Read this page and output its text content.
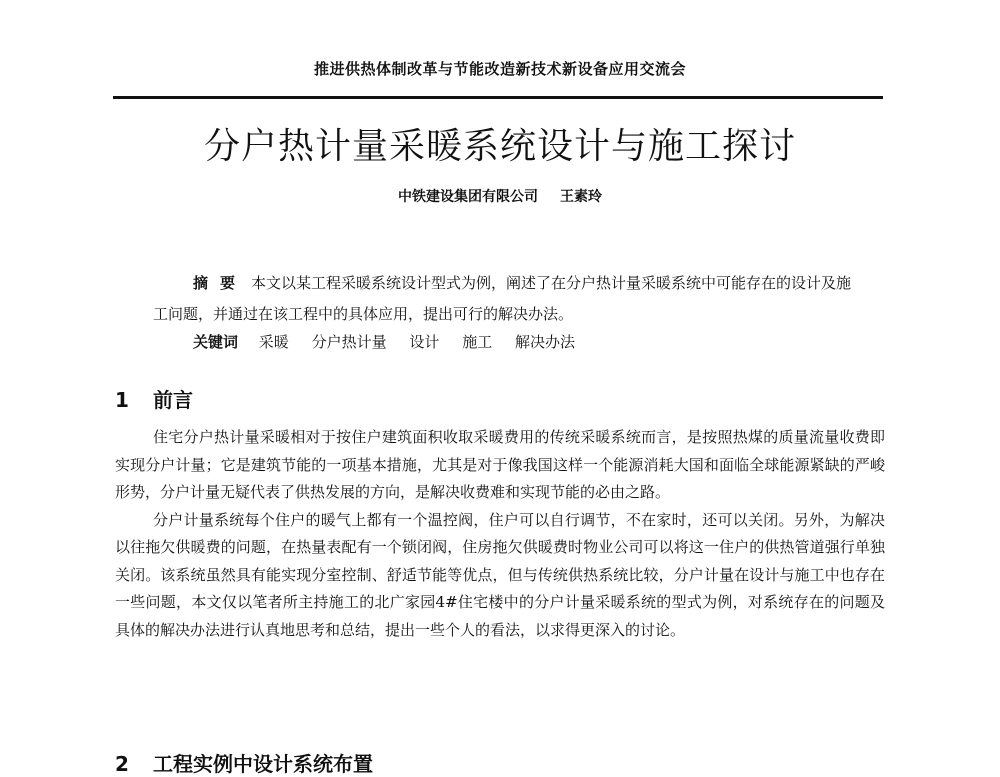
推进供热体制改革与节能改造新技术新设备应用交流会
分户热计量采暖系统设计与施工探讨
中铁建设集团有限公司 王素玲
摘要 本文以某工程采暖系统设计型式为例，阐述了在分户热计量采暖系统中可能存在的设计及施工问题，并通过在该工程中的具体应用，提出可行的解决办法。
关键词 采暖 分户热计量 设计 施工 解决办法
1 前言

住宅分户热计量采暖相对于按住户建筑面积收取采暖费用的传统采暖系统而言，是按照热煤的质量流量收费即实现分户计量；它是建筑节能的一项基本措施，尤其是对于像我国这样一个能源消耗大国和面临全球能源紧缺的严峻形势，分户计量无疑代表了供热发展的方向，是解决收费难和实现节能的必由之路。

分户计量系统每个住户的暖气上都有一个温控阀，住户可以自行调节，不在家时，还可以关闭。另外，为解决以往拖欠供暖费的问题，在热量表配有一个锁闭阀，住房拖欠供暖费时物业公司可以将这一住户的供热管道强行单独关闭。该系统虽然具有能实现分室控制、舒适节能等优点，但与传统供热系统比较，分户计量在设计与施工中也存在一些问题，本文仅以笔者所主持施工的北广家园4#住宅楼中的分户计量采暖系统的型式为例，对系统存在的问题及具体的解决办法进行认真地思考和总结，提出一些个人的看法，以求得更深入的讨论。

2 工程实例中设计系统布置
